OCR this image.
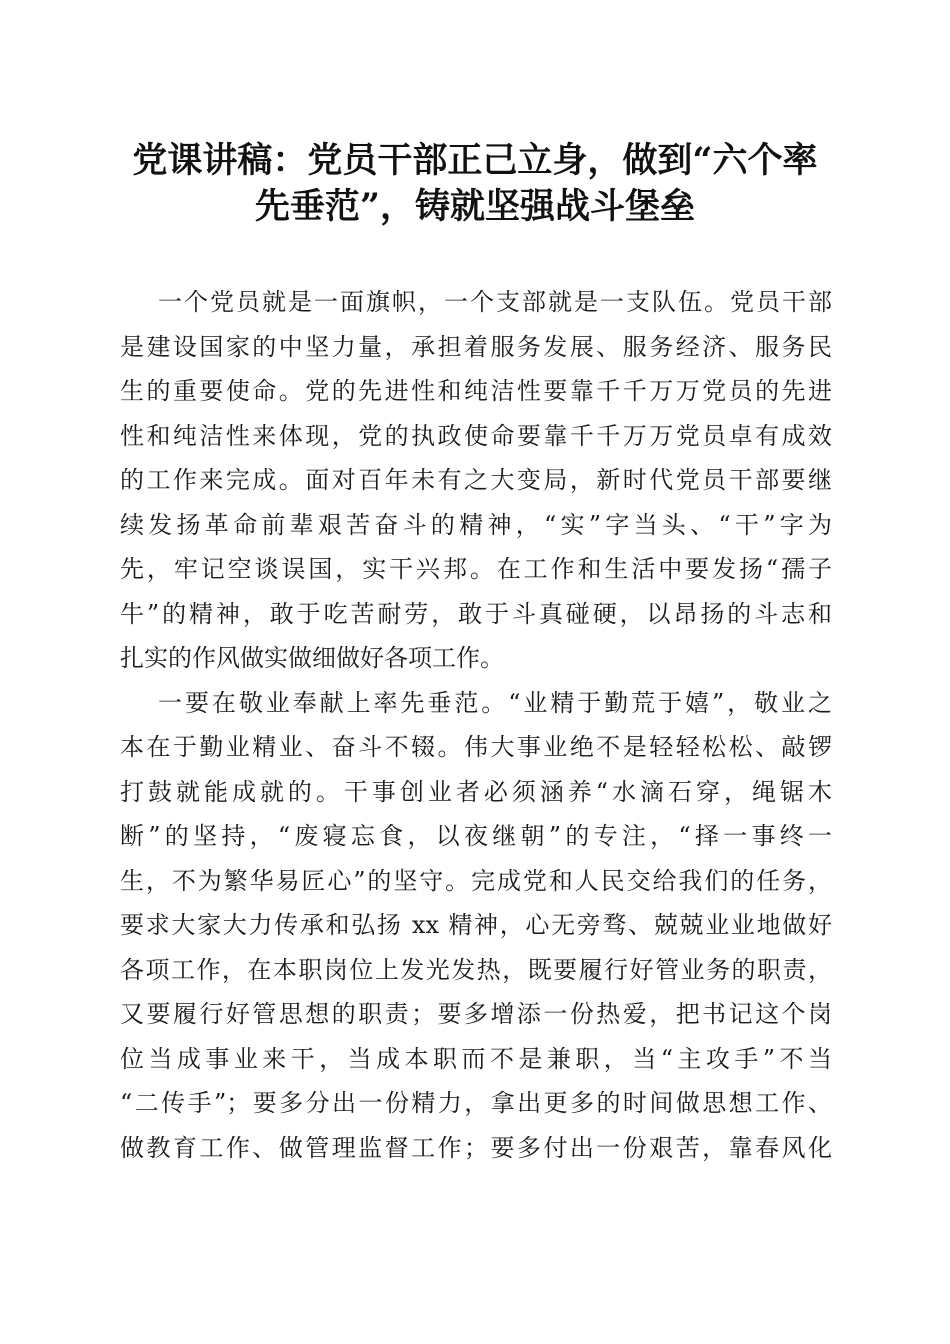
党课讲稿：党员干部正己立身，做到“六个率
先垂范”，铸就坚强战斗堡垒
一个党员就是一面旗帜，一个支部就是一支队伍。党员干部
是建设国家的中坚力量，承担着服务发展、服务经济、服务民
生的重要使命。党的先进性和纯洁性要靠千千万万党员的先进
性和纯洁性来体现，党的执政使命要靠千千万万党员卓有成效
的工作来完成。面对百年未有之大变局，新时代党员干部要继
续发扬革命前辈艰苦奋斗的精神，“实”字当头、“干”字为
先，牢记空谈误国，实干兴邦。在工作和生活中要发扬“孺子
牛”的精神，敢于吃苦耐劳，敢于斗真碰硬，以昂扬的斗志和
扎实的作风做实做细做好各项工作。
一要在敬业奉献上率先垂范。“业精于勤荒于嬉”，敬业之
本在于勤业精业、奋斗不辍。伟大事业绝不是轻轻松松、敲锣
打鼓就能成就的。干事创业者必须涵养“水滴石穿，绳锯木
断”的坚持，“废寝忘食，以夜继朝”的专注，“择一事终一
生，不为繁华易匠心”的坚守。完成党和人民交给我们的任务，
要求大家大力传承和弘扬 xx 精神，心无旁骛、兢兢业业地做好
各项工作，在本职岗位上发光发热，既要履行好管业务的职责，
又要履行好管思想的职责；要多增添一份热爱，把书记这个岗
位当成事业来干，当成本职而不是兼职，当“主攻手”不当
“二传手”；要多分出一份精力，拿出更多的时间做思想工作、
做教育工作、做管理监督工作；要多付出一份艰苦，靠春风化
